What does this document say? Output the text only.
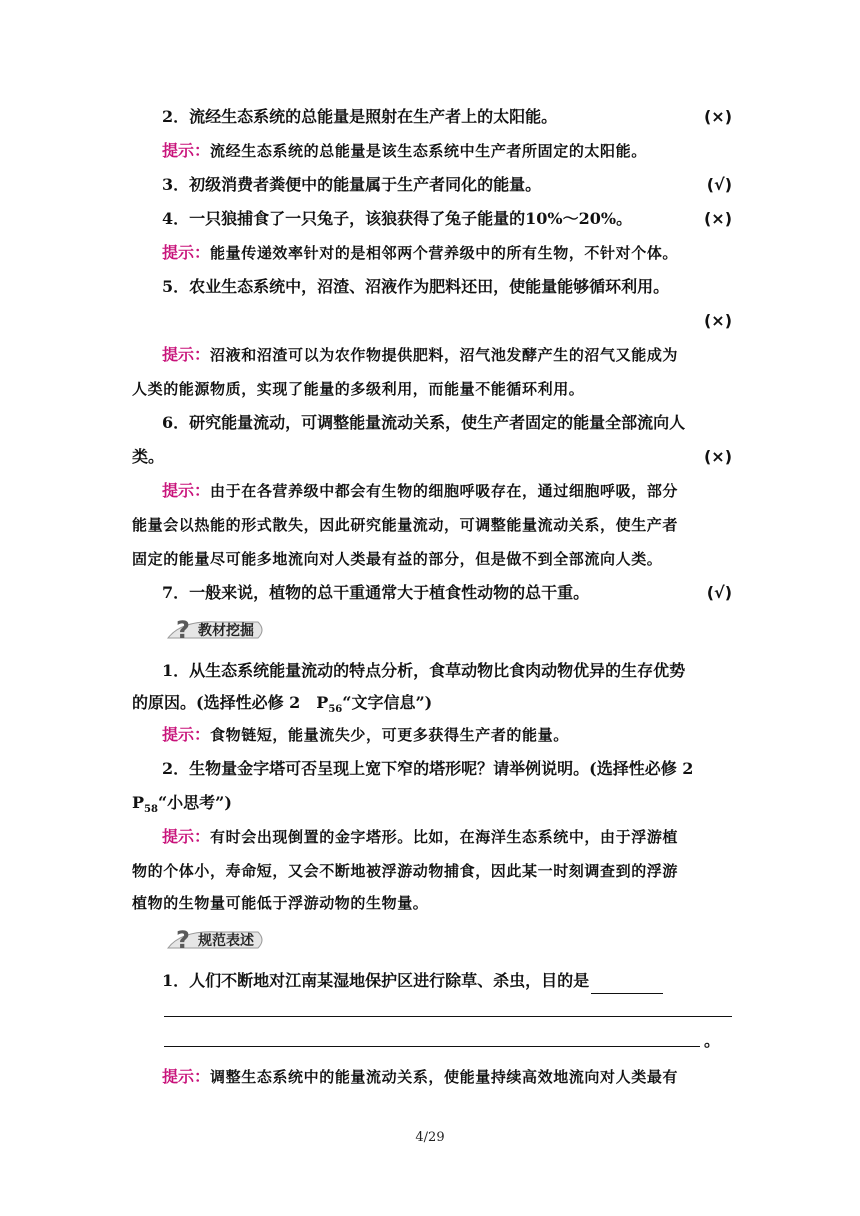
2．流经生态系统的总能量是照射在生产者上的太阳能。	(×)
提示：流经生态系统的总能量是该生态系统中生产者所固定的太阳能。
3．初级消费者粪便中的能量属于生产者同化的能量。	(√)
4．一只狼捕食了一只兔子，该狼获得了兔子能量的10%～20%。	(×)
提示：能量传递效率针对的是相邻两个营养级中的所有生物，不针对个体。
5．农业生态系统中，沼渣、沼液作为肥料还田，使能量能够循环利用。
(×)
提示：沼液和沼渣可以为农作物提供肥料，沼气池发酵产生的沼气又能成为
人类的能源物质，实现了能量的多级利用，而能量不能循环利用。
6．研究能量流动，可调整能量流动关系，使生产者固定的能量全部流向人
类。	(×)
提示：由于在各营养级中都会有生物的细胞呼吸存在，通过细胞呼吸，部分
能量会以热能的形式散失，因此研究能量流动，可调整能量流动关系，使生产者
固定的能量尽可能多地流向对人类最有益的部分，但是做不到全部流向人类。
7．一般来说，植物的总干重通常大于植食性动物的总干重。	(√)
? 教材挖掘
1．从生态系统能量流动的特点分析，食草动物比食肉动物优异的生存优势
的原因。(选择性必修 2　$P_{56}“$文字信息”)
提示：食物链短，能量流失少，可更多获得生产者的能量。
2．生物量金字塔可否呈现上宽下窄的塔形呢？请举例说明。(选择性必修 2
$P_{58}“$小思考”)
提示：有时会出现倒置的金字塔形。比如，在海洋生态系统中，由于浮游植
物的个体小，寿命短，又会不断地被浮游动物捕食，因此某一时刻调查到的浮游
植物的生物量可能低于浮游动物的生物量。
? 规范表述
1．人们不断地对江南某湿地保护区进行除草、杀虫，目的是
。
提示：调整生态系统中的能量流动关系，使能量持续高效地流向对人类最有
4/29
